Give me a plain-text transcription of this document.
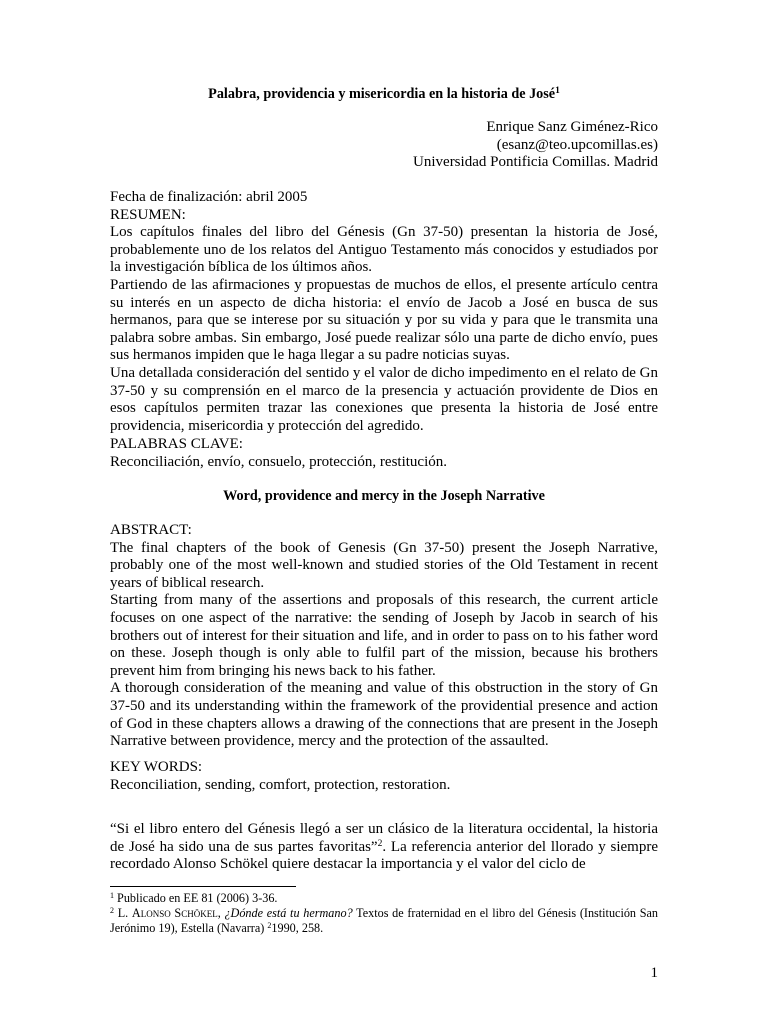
Palabra, providencia y misericordia en la historia de José$^1$
Enrique Sanz Giménez-Rico
(esanz@teo.upcomillas.es)
Universidad Pontificia Comillas. Madrid
Fecha de finalización: abril 2005
RESUMEN:

Los capítulos finales del libro del Génesis (Gn 37-50) presentan la historia de José, probablemente uno de los relatos del Antiguo Testamento más conocidos y estudiados por la investigación bíblica de los últimos años.

Partiendo de las afirmaciones y propuestas de muchos de ellos, el presente artículo centra su interés en un aspecto de dicha historia: el envío de Jacob a José en busca de sus hermanos, para que se interese por su situación y por su vida y para que le transmita una palabra sobre ambas. Sin embargo, José puede realizar sólo una parte de dicho envío, pues sus hermanos impiden que le haga llegar a su padre noticias suyas.

Una detallada consideración del sentido y el valor de dicho impedimento en el relato de Gn 37-50 y su comprensión en el marco de la presencia y actuación providente de Dios en esos capítulos permiten trazar las conexiones que presenta la historia de José entre providencia, misericordia y protección del agredido.

PALABRAS CLAVE:
Reconciliación, envío, consuelo, protección, restitución.
Word, providence and mercy in the Joseph Narrative
ABSTRACT:

The final chapters of the book of Genesis (Gn 37-50) present the Joseph Narrative, probably one of the most well-known and studied stories of the Old Testament in recent years of biblical research.

Starting from many of the assertions and proposals of this research, the current article focuses on one aspect of the narrative: the sending of Joseph by Jacob in search of his brothers out of interest for their situation and life, and in order to pass on to his father word on these. Joseph though is only able to fulfil part of the mission, because his brothers prevent him from bringing his news back to his father.

A thorough consideration of the meaning and value of this obstruction in the story of Gn 37-50 and its understanding within the framework of the providential presence and action of God in these chapters allows a drawing of the connections that are present in the Joseph Narrative between providence, mercy and the protection of the assaulted.

KEY WORDS:
Reconciliation, sending, comfort, protection, restoration.

“Si el libro entero del Génesis llegó a ser un clásico de la literatura occidental, la historia de José ha sido una de sus partes favoritas”$^2$. La referencia anterior del llorado y siempre recordado Alonso Schökel quiere destacar la importancia y el valor del ciclo de

$^1$ Publicado en EE 81 (2006) 3-36.

$^2$ L. Alonso Schökel, ¿Dónde está tu hermano? Textos de fraternidad en el libro del Génesis (Institución San Jerónimo 19), Estella (Navarra) $^2$1990, 258.

1
